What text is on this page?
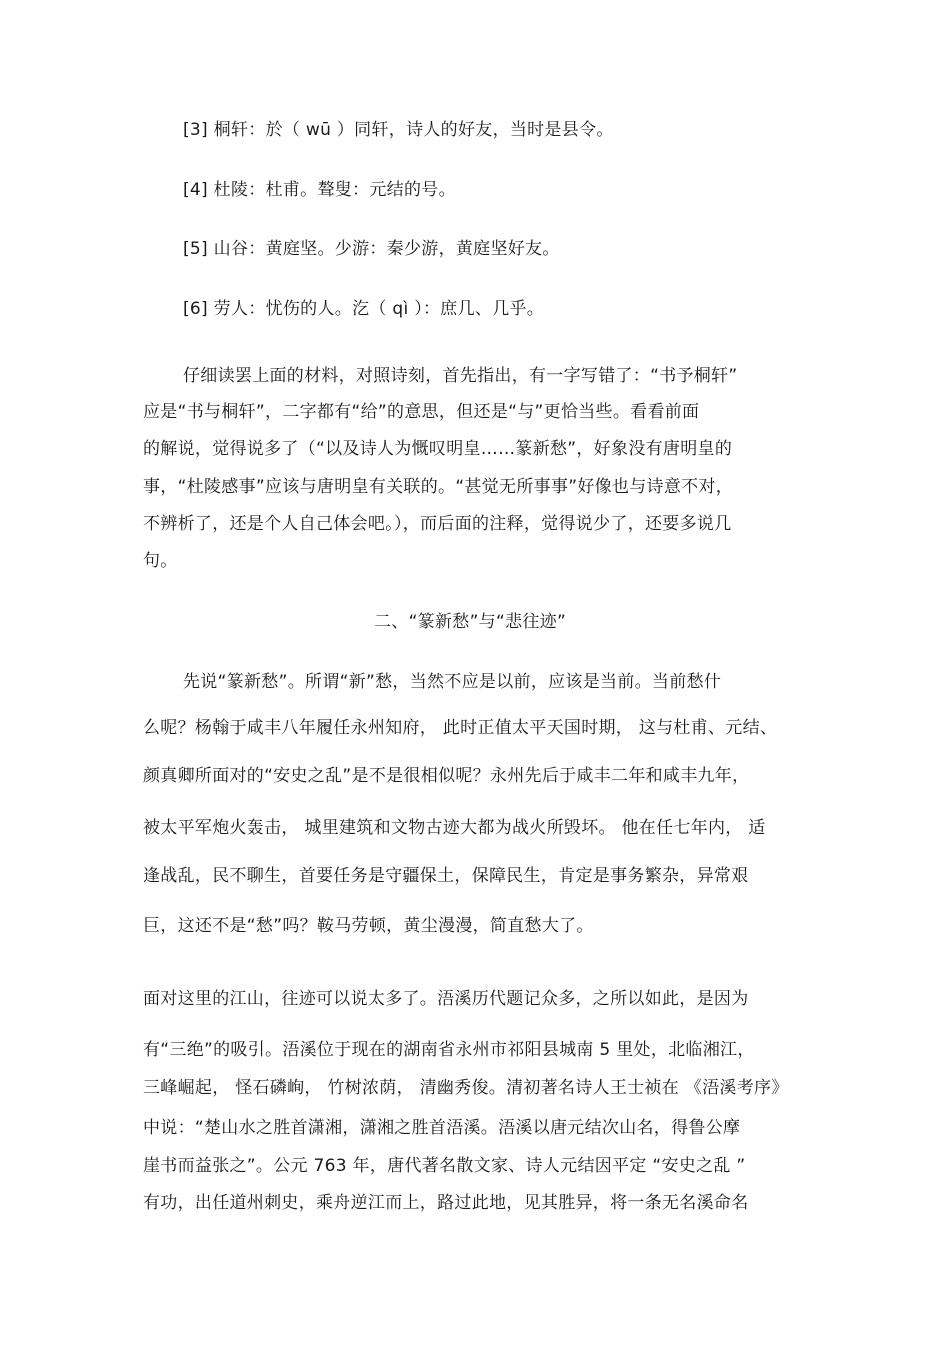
[3] 桐轩：於（ wū ）同轩，诗人的好友，当时是县令。
[4] 杜陵：杜甫。聱叟：元结的号。
[5] 山谷：黄庭坚。少游：秦少游，黄庭坚好友。
[6] 劳人：忧伤的人。汔（ qì ）：庶几、几乎。
仔细读罢上面的材料，对照诗刻，首先指出，有一字写错了：“书予桐轩”
应是“书与桐轩”，二字都有“给”的意思，但还是“与”更恰当些。看看前面
的解说，觉得说多了（“以及诗人为慨叹明皇……篆新愁”，好象没有唐明皇的
事，“杜陵感事”应该与唐明皇有关联的。“甚觉无所事事”好像也与诗意不对，
不辨析了，还是个人自己体会吧。），而后面的注释，觉得说少了，还要多说几
句。
二、“篆新愁”与“悲往迹”
先说“篆新愁”。所谓“新”愁，当然不应是以前，应该是当前。当前愁什
么呢？杨翰于咸丰八年履任永州知府， 此时正值太平天国时期， 这与杜甫、元结、
颜真卿所面对的“安史之乱”是不是很相似呢？永州先后于咸丰二年和咸丰九年，
被太平军炮火轰击， 城里建筑和文物古迹大都为战火所毁坏。 他在任七年内， 适
逢战乱，民不聊生，首要任务是守疆保土，保障民生，肯定是事务繁杂，异常艰
巨，这还不是“愁”吗？鞍马劳顿，黄尘漫漫，简直愁大了。
面对这里的江山，往迹可以说太多了。浯溪历代题记众多，之所以如此，是因为
有“三绝”的吸引。浯溪位于现在的湖南省永州市祁阳县城南 5 里处，北临湘江，
三峰崛起， 怪石磷峋， 竹树浓荫， 清幽秀俊。清初著名诗人王士祯在 《浯溪考序》
中说：“楚山水之胜首潇湘，潇湘之胜首浯溪。浯溪以唐元结次山名，得鲁公摩
崖书而益张之”。公元 763 年，唐代著名散文家、诗人元结因平定 “安史之乱 ”
有功，出任道州刺史，乘舟逆江而上，路过此地，见其胜异，将一条无名溪命名
